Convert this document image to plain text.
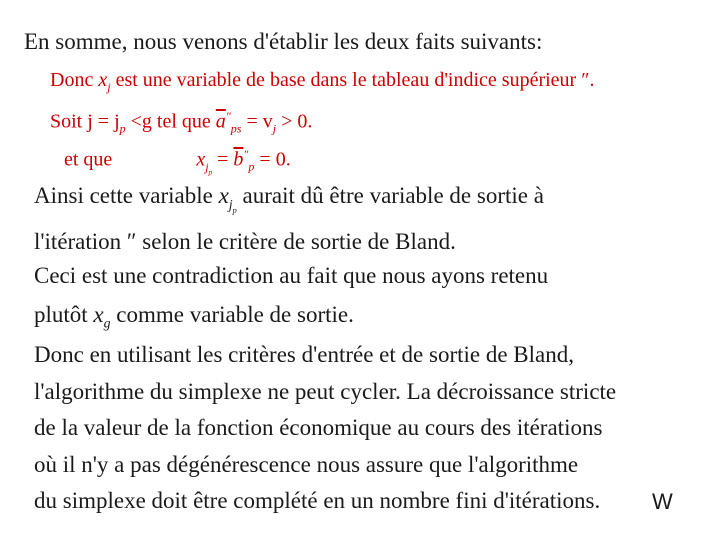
En somme, nous venons d'établir les deux faits suivants:
Donc $x_j$ est une variable de base dans le tableau d'indice supérieur ″.
Soit $j = j_p <g$ tel que $\overline{a}''_{ps} = v_j > 0$.
et que	$x_{j_p} = \overline{b}''_p = 0$.
Ainsi cette variable $x_{j_p}$ aurait dû être variable de sortie à
l'itération ″ selon le critère de sortie de Bland.
Ceci est une contradiction au fait que nous ayons retenu
plutôt $x_g$ comme variable de sortie.
Donc en utilisant les critères d'entrée et de sortie de Bland,
l'algorithme du simplexe ne peut cycler. La décroissance stricte
de la valeur de la fonction économique au cours des itérations
où il n'y a pas dégénérescence nous assure que l'algorithme
du simplexe doit être complété en un nombre fini d'itérations. W
